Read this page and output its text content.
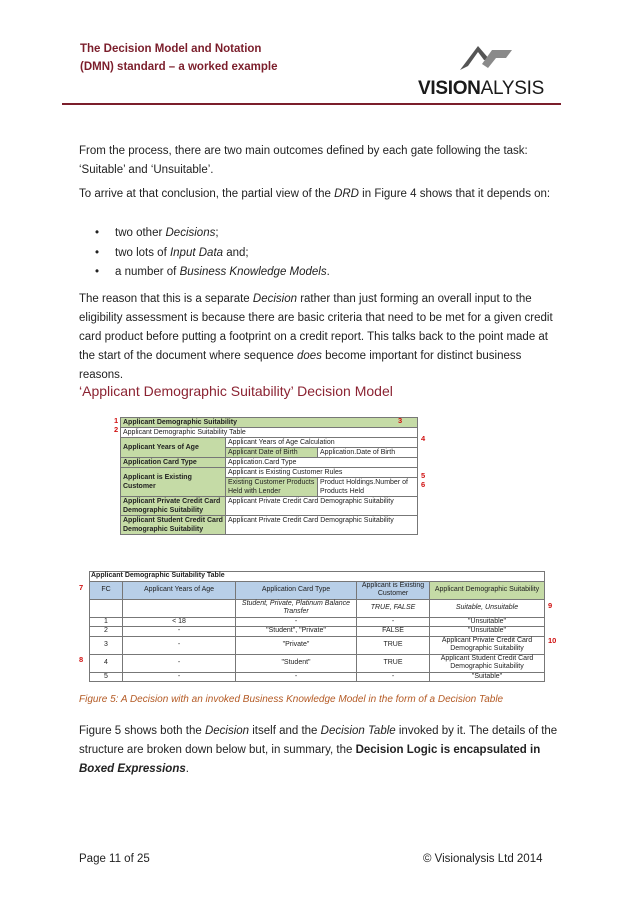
The Decision Model and Notation
(DMN) standard – a worked example
VISIONALYSIS
From the process, there are two main outcomes defined by each gate following the task: ‘Suitable’ and ‘Unsuitable’.
To arrive at that conclusion, the partial view of the DRD in Figure 4 shows that it depends on:
• two other Decisions;
• two lots of Input Data and;
• a number of Business Knowledge Models.
The reason that this is a separate Decision rather than just forming an overall input to the eligibility assessment is because there are basic criteria that need to be met for a given credit card product before putting a footprint on a credit report. This talks back to the point made at the start of the document where sequence does become important for distinct business reasons.
‘Applicant Demographic Suitability’ Decision Model
Applicant Demographic Suitability		
Applicant Demographic Suitability Table		
Applicant Years of Age	Applicant Years of Age Calculation	
	Applicant Date of Birth	Application.Date of Birth

Application Card Type	Application.Card Type	
Applicant is Existing Customer	Applicant is Existing Customer Rules	
	Existing Customer Products Held with Lender	Product Holdings.Number of Products Held
Applicant Private Credit Card Demographic Suitability	Applicant Private Credit Card Demographic Suitability	
Applicant Student Credit Card Demographic Suitability	Applicant Private Credit Card Demographic Suitability	
1
2
3
4
5
6
Applicant Demographic Suitability Table				
FC	Applicant Years of Age	Application Card Type	Applicant is Existing Customer	Applicant Demographic Suitability
		Student, Private, Platinum Balance Transfer	TRUE, FALSE	Suitable, Unsuitable
1	< 18	-	-	"Unsuitable"
2	-	"Student", "Private"	FALSE	"Unsuitable"
3	-	"Private"	TRUE	Applicant Private Credit Card Demographic Suitability
4	-	"Student"	TRUE	Applicant Student Credit Card Demographic Suitability
5	-	-	-	"Suitable"
7
8
9
10
Figure 5: A Decision with an invoked Business Knowledge Model in the form of a Decision Table
Figure 5 shows both the Decision itself and the Decision Table invoked by it. The details of the structure are broken down below but, in summary, the Decision Logic is encapsulated in Boxed Expressions.
Page 11 of 25	© Visionalysis Ltd 2014
